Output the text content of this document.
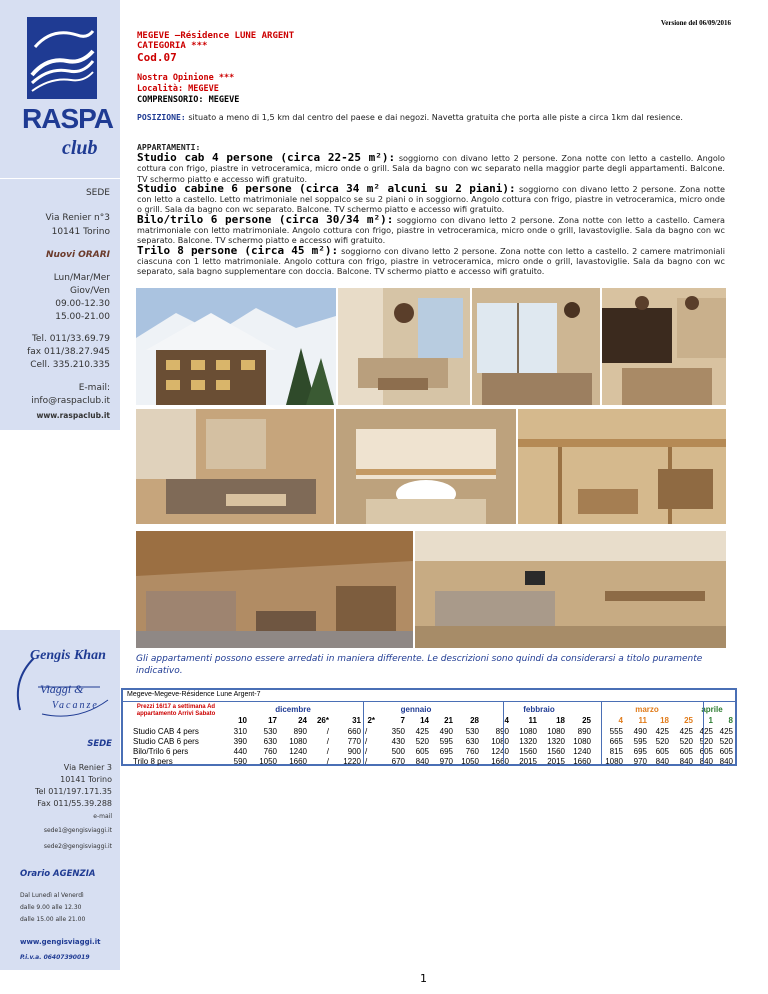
Versione del 06/09/2016
RASPA
club
SEDE
Via Renier n°3
10141 Torino
Nuovi ORARI
Lun/Mar/Mer
Giov/Ven
09.00-12.30
15.00-21.00
Tel. 011/33.69.79
fax 011/38.27.945
Cell. 335.210.335
E-mail:
info@raspaclub.it
www.raspaclub.it
MEGEVE –Résidence LUNE ARGENT
CATEGORIA ***
Cod.07
Nostra Opinione ***
Località: MEGEVE
COMPRENSORIO: MEGEVE
POSIZIONE: situato a meno di 1,5 km dal centro del paese e dai negozi. Navetta gratuita che porta alle piste a circa 1km dal resience.
APPARTAMENTI:
Studio cab 4 persone (circa 22-25 m²): soggiorno con divano letto 2 persone. Zona notte con letto a castello. Angolo cottura con frigo, piastre in vetroceramica, micro onde o grill. Sala da bagno con wc separato nella maggior parte degli appartamenti. Balcone. TV schermo piatto e accesso wifi gratuito.
Studio cabine 6 persone (circa 34 m² alcuni su 2 piani): soggiorno con divano letto 2 persone. Zona notte con letto a castello. Letto matrimoniale nel soppalco se su 2 piani o in soggiorno. Angolo cottura con frigo, piastre in vetroceramica, micro onde o grill. Sala da bagno con wc separato. Balcone. TV schermo piatto e accesso wifi gratuito.
Bilo/trilo 6 persone (circa 30/34 m²): soggiorno con divano letto 2 persone. Zona notte con letto a castello. Camera matrimoniale con letto matrimoniale. Angolo cottura con frigo, piastre in vetroceramica, micro onde o grill, lavastoviglie. Sala da bagno con wc separato. Balcone. TV schermo piatto e accesso wifi gratuito.
Trilo 8 persone (circa 45 m²): soggiorno con divano letto 2 persone. Zona notte con letto a castello. 2 camere matrimoniali ciascuna con 1 letto matrimoniale. Angolo cottura con frigo, piastre in vetroceramica, micro onde o grill, lavastoviglie. Sala da bagno con wc separato, sala bagno supplementare con doccia. Balcone. TV schermo piatto e accesso wifi gratuito.
Gli appartamenti possono essere arredati in maniera differente. Le descrizioni sono quindi da considerarsi a titolo puramente indicativo.
Megeve-Megeve-Résidence Lune Argent-7
Prezzi 16/17 a settimana Ad appartamento Arrivi Sabato	dicembre	gennaio	febbraio	marzo	aprile
10	17	24	26*	31 2*	7	14	21	28	4	11	18	25	4	11	18	25	1	8
Studio CAB 4 pers	310	530	890	/	660 /	350	425	490	530	890	1080	1080	890	555	490	425	425 425 425
Studio CAB 6 pers	390	630	1080	/	770 /	430	520	595	630	1080	1320	1320	1080	665	595	520	520 520 520
Bilo/Trilo 6 pers	440	760	1240	/	900 /	500	605	695	760	1240	1560	1560	1240	815	695	605	605 605 605
Trilo 8 pers	590	1050	1660	/	1220 /	670	840	970	1050	1660	2015	2015	1660	1080	970	840	840 840 840
Gengis Khan
Viaggi &
Vacanze
SEDE
Via Renier 3
10141 Torino
Tel 011/197.171.35
Fax 011/55.39.288
e-mail
sede1@gengisviaggi.it
sede2@gengisviaggi.it
Orario AGENZIA
Dal Lunedì al Venerdì
dalle 9.00 alle 12.30
dalle 15.00 alle 21.00
www.gengisviaggi.it
P.i.v.a. 06407390019
1
